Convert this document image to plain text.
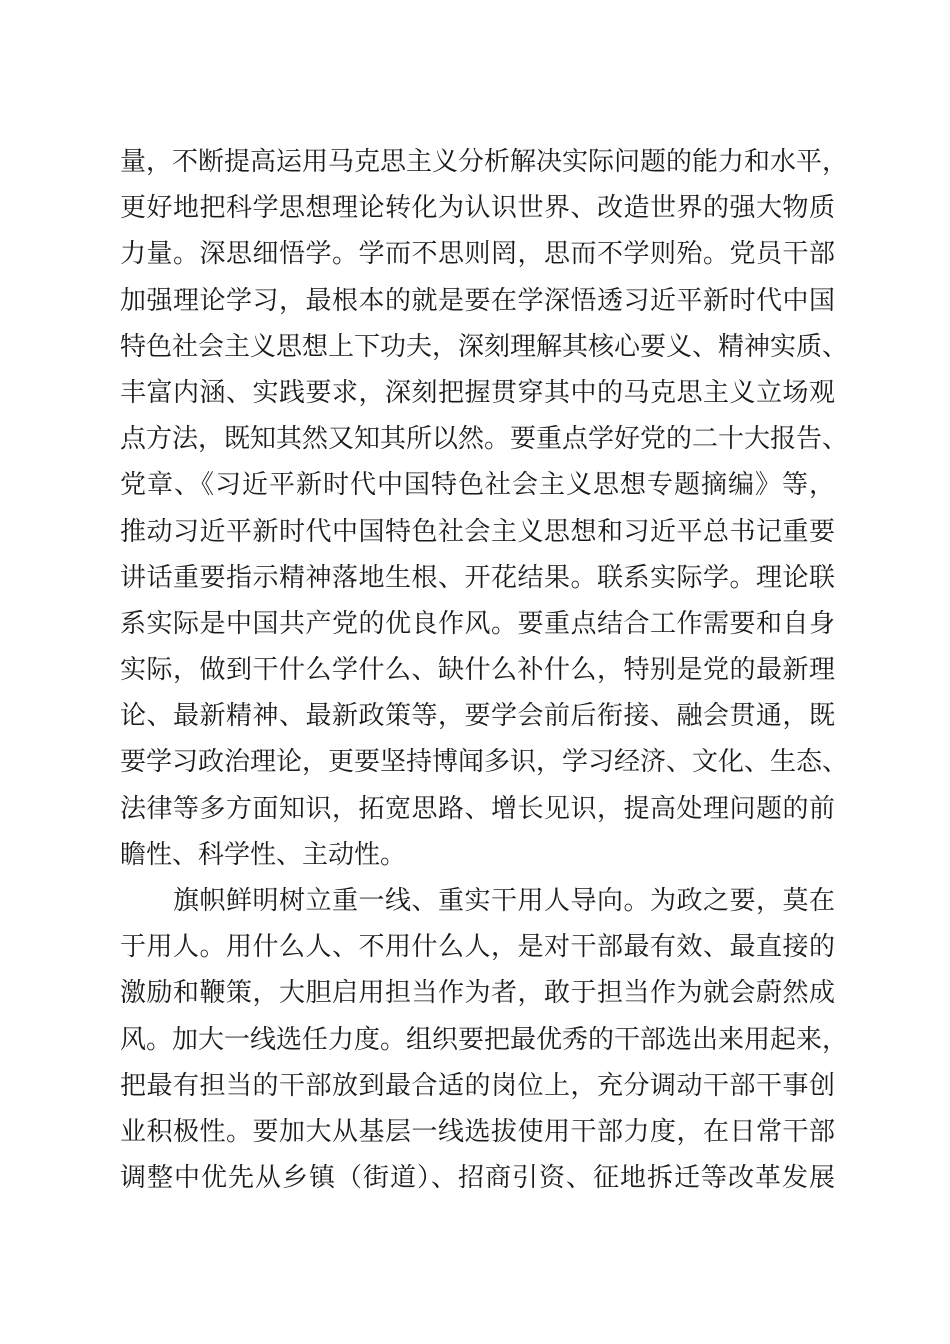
量，不断提高运用马克思主义分析解决实际问题的能力和水平，
更好地把科学思想理论转化为认识世界、改造世界的强大物质
力量。深思细悟学。学而不思则罔，思而不学则殆。党员干部
加强理论学习，最根本的就是要在学深悟透习近平新时代中国
特色社会主义思想上下功夫，深刻理解其核心要义、精神实质、
丰富内涵、实践要求，深刻把握贯穿其中的马克思主义立场观
点方法，既知其然又知其所以然。要重点学好党的二十大报告、
党章、《习近平新时代中国特色社会主义思想专题摘编》等，
推动习近平新时代中国特色社会主义思想和习近平总书记重要
讲话重要指示精神落地生根、开花结果。联系实际学。理论联
系实际是中国共产党的优良作风。要重点结合工作需要和自身
实际，做到干什么学什么、缺什么补什么，特别是党的最新理
论、最新精神、最新政策等，要学会前后衔接、融会贯通，既
要学习政治理论，更要坚持博闻多识，学习经济、文化、生态、
法律等多方面知识，拓宽思路、增长见识，提高处理问题的前
瞻性、科学性、主动性。
旗帜鲜明树立重一线、重实干用人导向。为政之要，莫在
于用人。用什么人、不用什么人，是对干部最有效、最直接的
激励和鞭策，大胆启用担当作为者，敢于担当作为就会蔚然成
风。加大一线选任力度。组织要把最优秀的干部选出来用起来，
把最有担当的干部放到最合适的岗位上，充分调动干部干事创
业积极性。要加大从基层一线选拔使用干部力度，在日常干部
调整中优先从乡镇（街道）、招商引资、征地拆迁等改革发展
